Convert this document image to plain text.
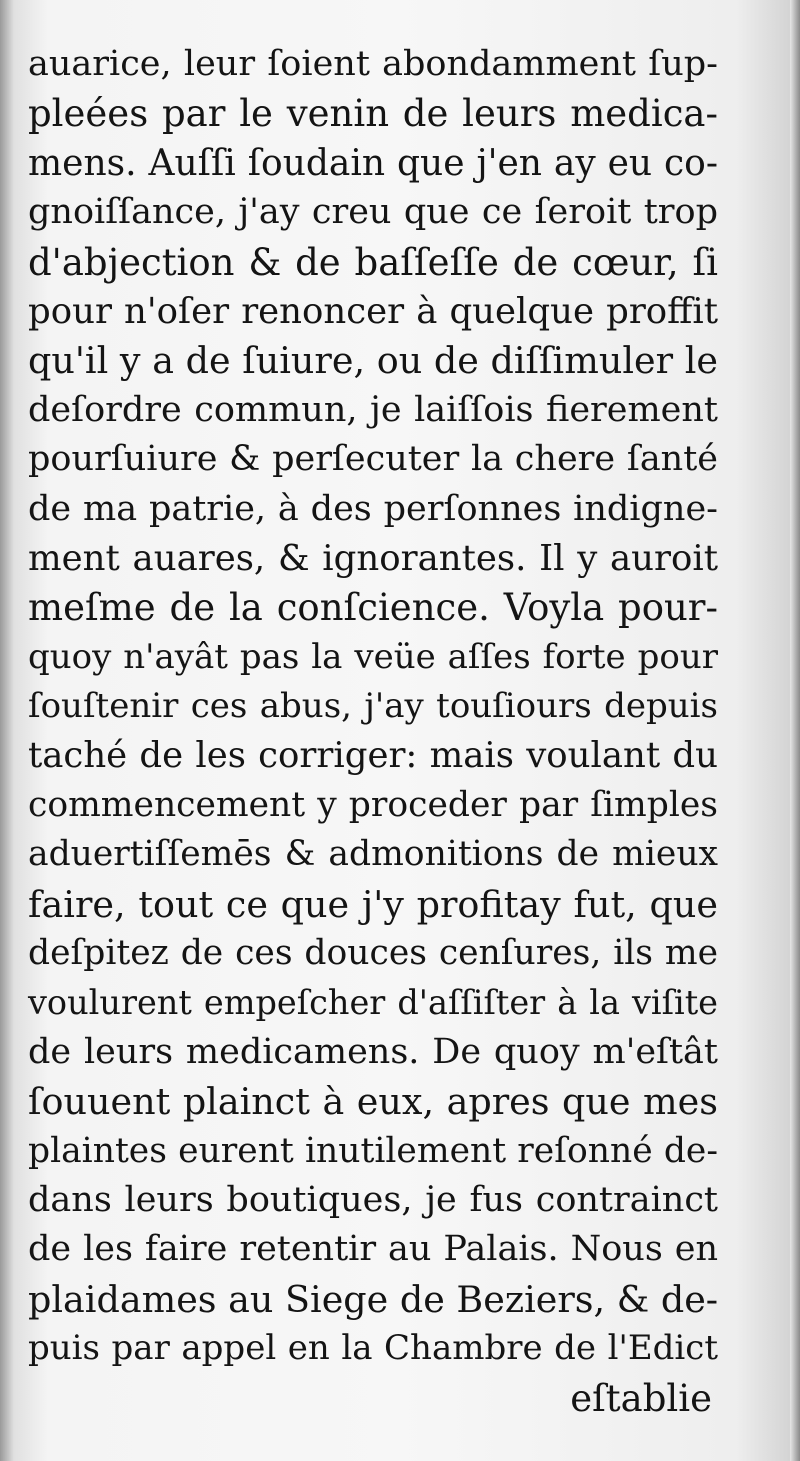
auarice, leur ſoient abondamment ſup-
pleées par le venin de leurs medica-
mens. Auſſi ſoudain que j'en ay eu co-
gnoiſſance, j'ay creu que ce ſeroit trop
d'abjection & de baſſeſſe de cœur, ſi
pour n'oſer renoncer à quelque proffit
qu'il y a de ſuiure, ou de diſſimuler le
deſordre commun, je laiſſois fierement
pourſuiure & perſecuter la chere ſanté
de ma patrie, à des perſonnes indigne-
ment auares, & ignorantes. Il y auroit
meſme de la conſcience. Voyla pour-
quoy n'ayât pas la veüe aſſes forte pour
ſouſtenir ces abus, j'ay touſiours depuis
taché de les corriger: mais voulant du
commencement y proceder par ſimples
aduertiſſemēs & admonitions de mieux
faire, tout ce que j'y profitay fut, que
deſpitez de ces douces cenſures, ils me
voulurent empeſcher d'aſſiſter à la viſite
de leurs medicamens. De quoy m'eſtât
ſouuent plainct à eux, apres que mes
plaintes eurent inutilement reſonné de-
dans leurs boutiques, je fus contrainct
de les faire retentir au Palais. Nous en
plaidames au Siege de Beziers, & de-
puis par appel en la Chambre de l'Edict
eſtablie
